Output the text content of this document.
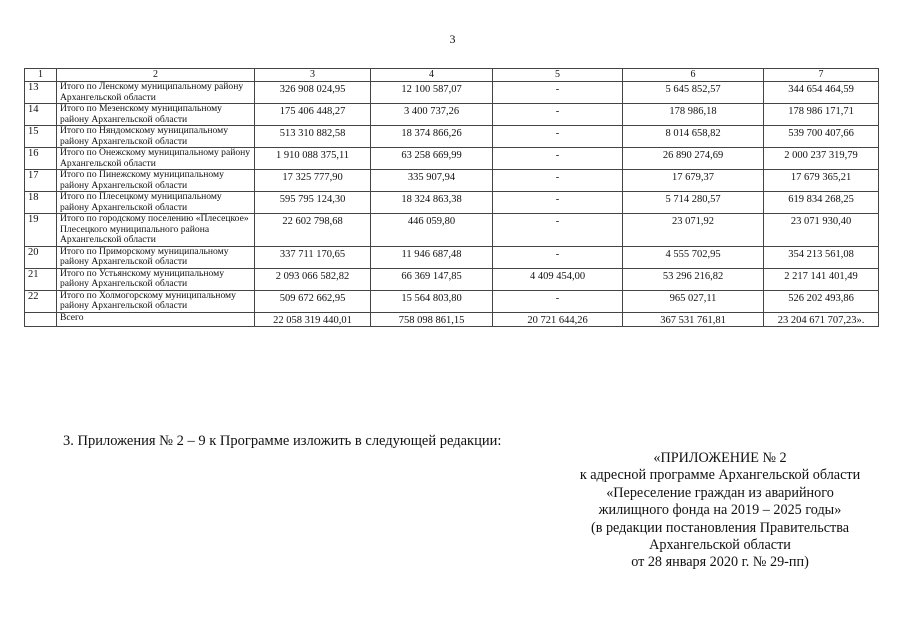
3
1	2	3	4	5	6	7
13	Итого по Ленскому муниципальному району Архангельской области	326 908 024,95	12 100 587,07	-	5 645 852,57	344 654 464,59
14	Итого по Мезенскому муниципальному району Архангельской области	175 406 448,27	3 400 737,26	-	178 986,18	178 986 171,71
15	Итого по Няндомскому муниципальному району Архангельской области	513 310 882,58	18 374 866,26	-	8 014 658,82	539 700 407,66
16	Итого по Онежскому муниципальному району Архангельской области	1 910 088 375,11	63 258 669,99	-	26 890 274,69	2 000 237 319,79
17	Итого по Пинежскому муниципальному району Архангельской области	17 325 777,90	335 907,94	-	17 679,37	17 679 365,21
18	Итого по Плесецкому муниципальному району Архангельской области	595 795 124,30	18 324 863,38	-	5 714 280,57	619 834 268,25
19	Итого по городскому поселению «Плесецкое» Плесецкого муниципального района Архангельской области	22 602 798,68	446 059,80	-	23 071,92	23 071 930,40
20	Итого по Приморскому муниципальному району Архангельской области	337 711 170,65	11 946 687,48	-	4 555 702,95	354 213 561,08
21	Итого по Устьянскому муниципальному району Архангельской области	2 093 066 582,82	66 369 147,85	4 409 454,00	53 296 216,82	2 217 141 401,49
22	Итого по Холмогорскому муниципальному району Архангельской области	509 672 662,95	15 564 803,80	-	965 027,11	526 202 493,86
	Всего	22 058 319 440,01	758 098 861,15	20 721 644,26	367 531 761,81	23 204 671 707,23».
3. Приложения № 2 – 9 к Программе изложить в следующей редакции:
«ПРИЛОЖЕНИЕ № 2
к адресной программе Архангельской области
«Переселение граждан из аварийного
жилищного фонда на 2019 – 2025 годы»
(в редакции постановления Правительства
Архангельской области
от 28 января 2020 г. № 29-пп)
